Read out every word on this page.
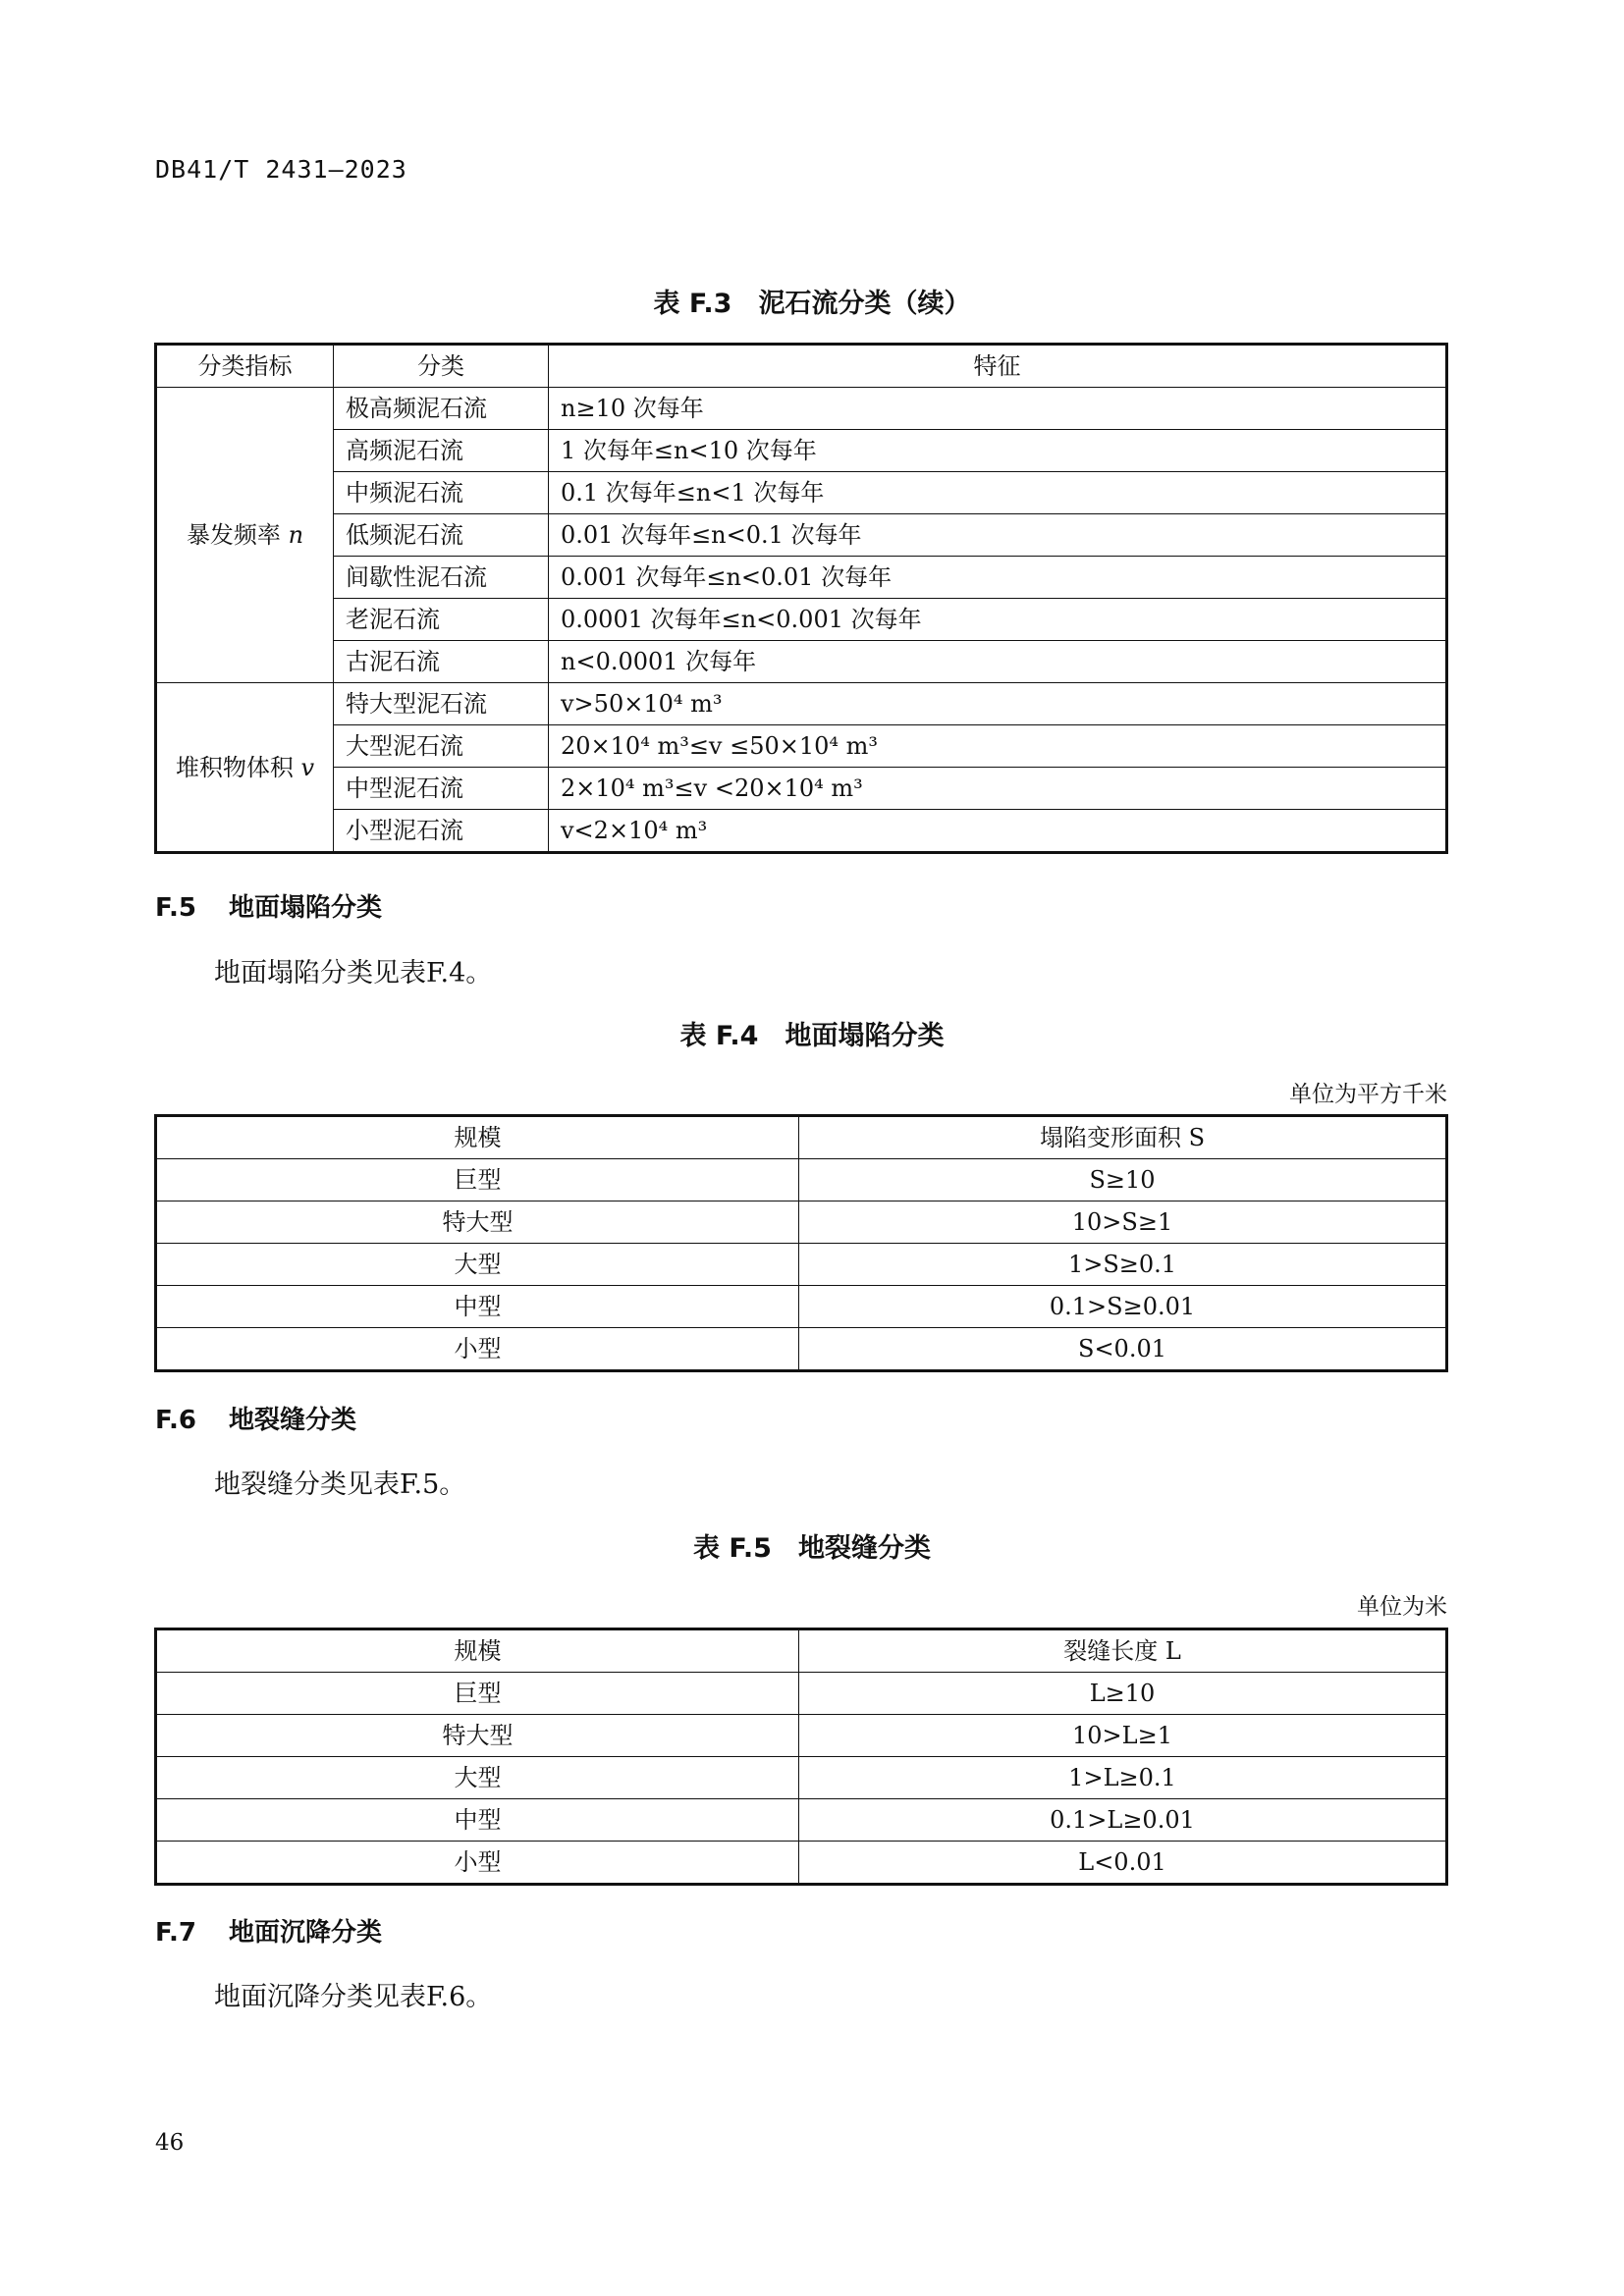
DB41/T 2431—2023
表 F.3　泥石流分类（续）
分类指标	分类	特征
暴发频率 n	极高频泥石流	n≥10 次每年
	高频泥石流	1 次每年≤n<10 次每年
	中频泥石流	0.1 次每年≤n<1 次每年
	低频泥石流	0.01 次每年≤n<0.1 次每年
	间歇性泥石流	0.001 次每年≤n<0.01 次每年
	老泥石流	0.0001 次每年≤n<0.001 次每年
	古泥石流	n<0.0001 次每年
堆积物体积 v	特大型泥石流	v>50×10⁴ m³
	大型泥石流	20×10⁴ m³≤v ≤50×10⁴ m³
	中型泥石流	2×10⁴ m³≤v <20×10⁴ m³
	小型泥石流	v<2×10⁴ m³
F.5 地面塌陷分类
地面塌陷分类见表F.4。
表 F.4　地面塌陷分类
单位为平方千米
规模	塌陷变形面积 S
巨型	S≥10
特大型	10>S≥1
大型	1>S≥0.1
中型	0.1>S≥0.01
小型	S<0.01
F.6 地裂缝分类
地裂缝分类见表F.5。
表 F.5　地裂缝分类
单位为米
规模	裂缝长度 L
巨型	L≥10
特大型	10>L≥1
大型	1>L≥0.1
中型	0.1>L≥0.01
小型	L<0.01
F.7 地面沉降分类
地面沉降分类见表F.6。
46
